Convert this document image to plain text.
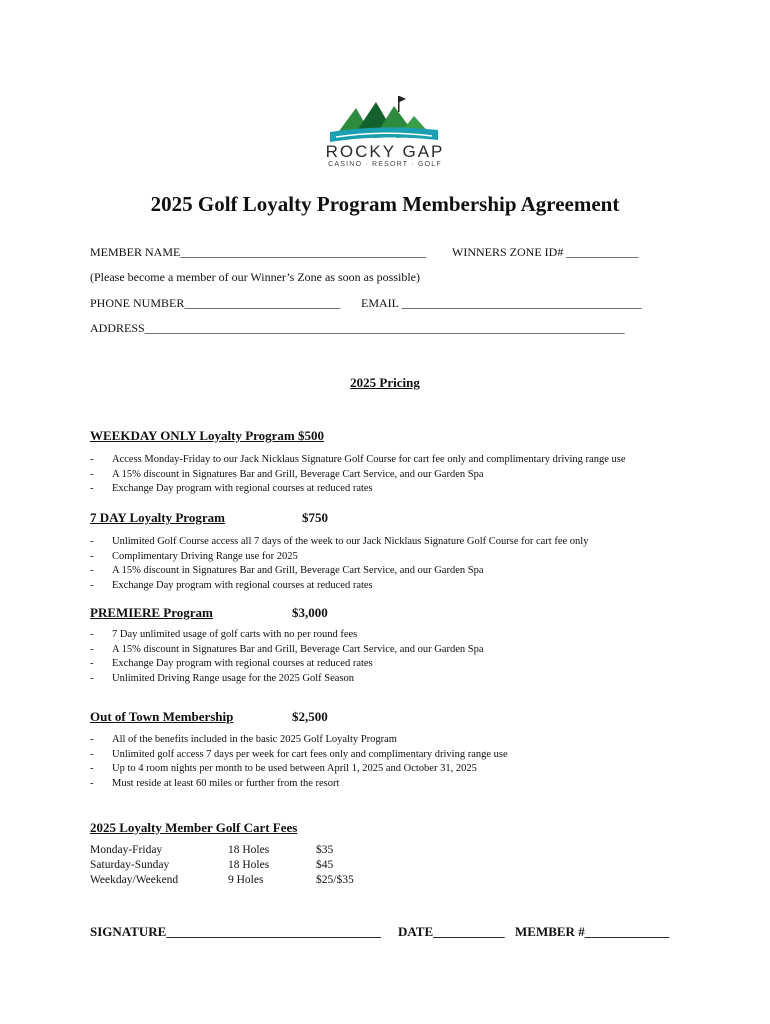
ROCKY GAP
CASINO · RESORT · GOLF
2025 Golf Loyalty Program Membership Agreement
MEMBER NAME_________________________________________ WINNERS ZONE ID# ____________
(Please become a member of our Winner’s Zone as soon as possible)
PHONE NUMBER__________________________ EMAIL ________________________________________
ADDRESS________________________________________________________________________________
2025 Pricing
WEEKDAY ONLY Loyalty Program $500
- Access Monday-Friday to our Jack Nicklaus Signature Golf Course for cart fee only and complimentary driving range use
- A 15% discount in Signatures Bar and Grill, Beverage Cart Service, and our Garden Spa
- Exchange Day program with regional courses at reduced rates
7 DAY Loyalty Program	$750
- Unlimited Golf Course access all 7 days of the week to our Jack Nicklaus Signature Golf Course for cart fee only
- Complimentary Driving Range use for 2025
- A 15% discount in Signatures Bar and Grill, Beverage Cart Service, and our Garden Spa
- Exchange Day program with regional courses at reduced rates
PREMIERE Program	$3,000
- 7 Day unlimited usage of golf carts with no per round fees
- A 15% discount in Signatures Bar and Grill, Beverage Cart Service, and our Garden Spa
- Exchange Day program with regional courses at reduced rates
- Unlimited Driving Range usage for the 2025 Golf Season
Out of Town Membership	$2,500
- All of the benefits included in the basic 2025 Golf Loyalty Program
- Unlimited golf access 7 days per week for cart fees only and complimentary driving range use
- Up to 4 room nights per month to be used between April 1, 2025 and October 31, 2025
- Must reside at least 60 miles or further from the resort
2025 Loyalty Member Golf Cart Fees
Monday-Friday	18 Holes	$35
Saturday-Sunday	18 Holes	$45
Weekday/Weekend	9 Holes	$25/$35
SIGNATURE_________________________________ DATE___________ MEMBER #_____________
